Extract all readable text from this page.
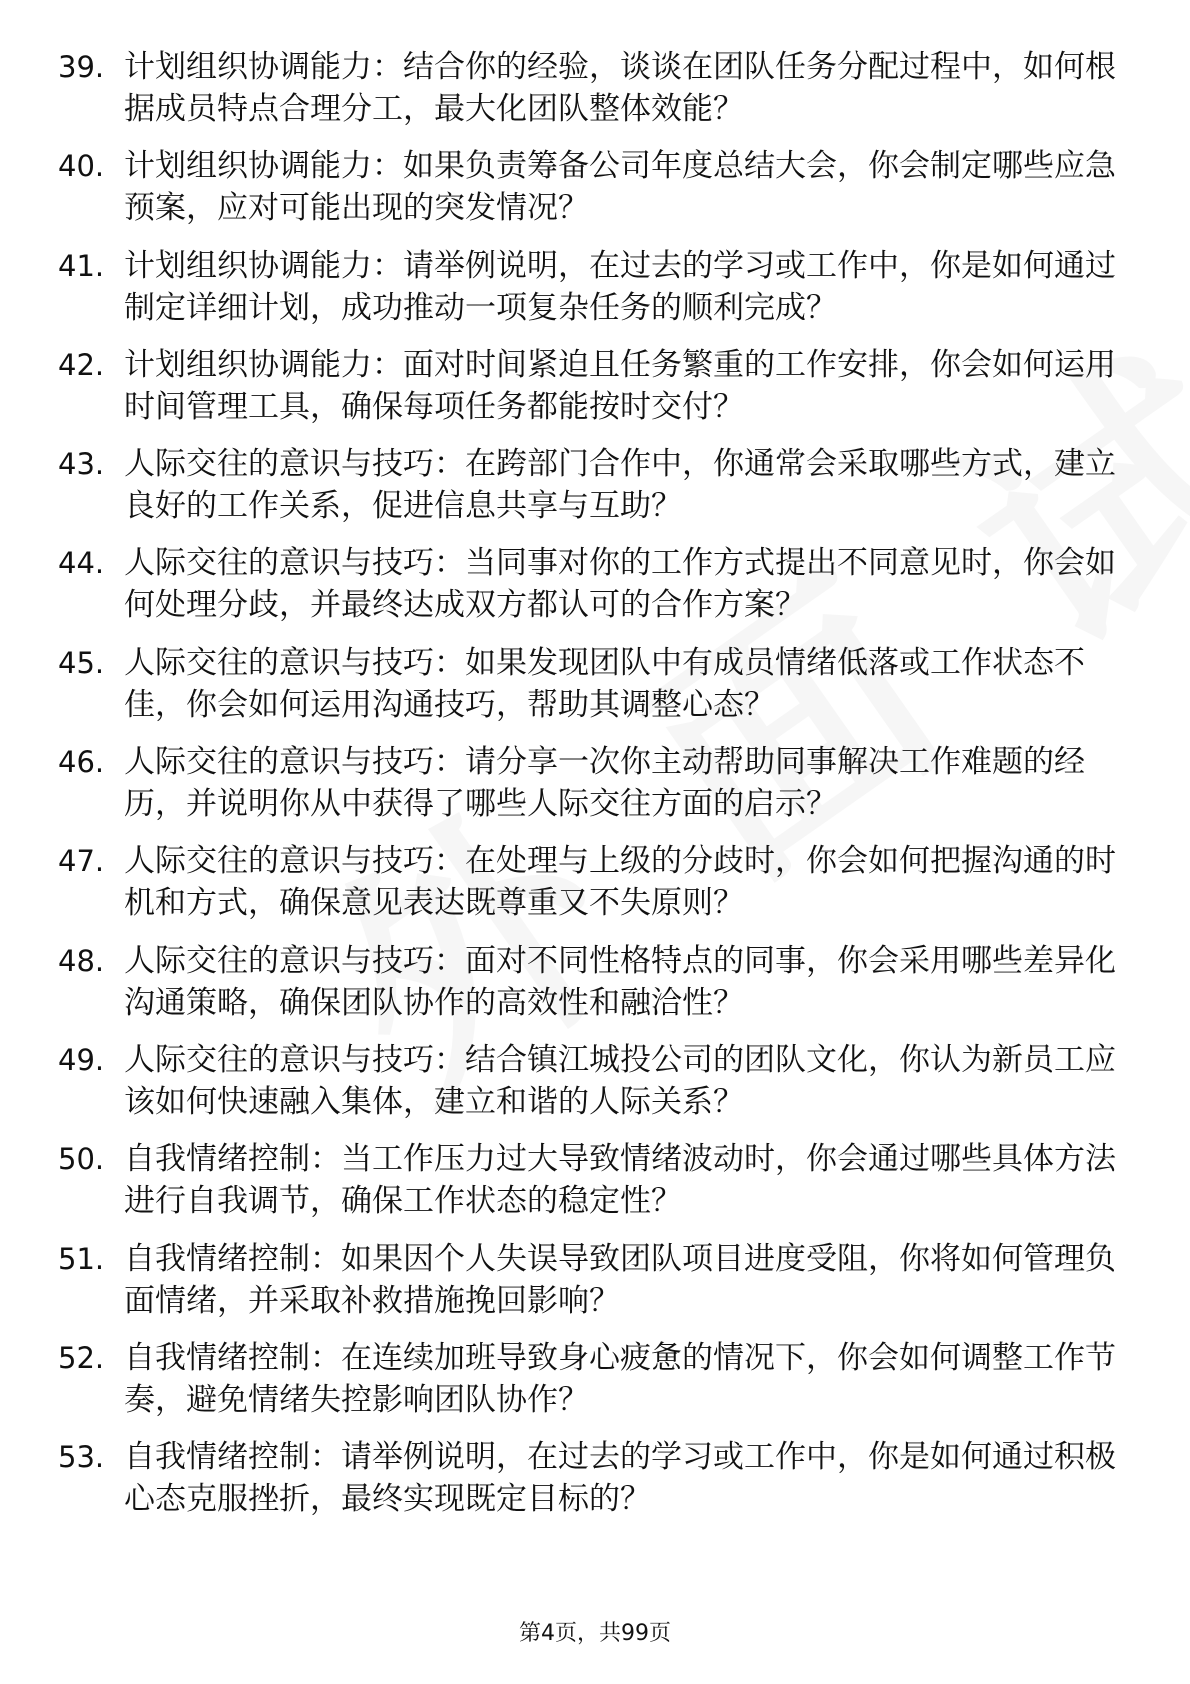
39. 计划组织协调能力：结合你的经验，谈谈在团队任务分配过程中，如何根据成员特点合理分工，最大化团队整体效能？
40. 计划组织协调能力：如果负责筹备公司年度总结大会，你会制定哪些应急预案，应对可能出现的突发情况？
41. 计划组织协调能力：请举例说明，在过去的学习或工作中，你是如何通过制定详细计划，成功推动一项复杂任务的顺利完成？
42. 计划组织协调能力：面对时间紧迫且任务繁重的工作安排，你会如何运用时间管理工具，确保每项任务都能按时交付？
43. 人际交往的意识与技巧：在跨部门合作中，你通常会采取哪些方式，建立良好的工作关系，促进信息共享与互助？
44. 人际交往的意识与技巧：当同事对你的工作方式提出不同意见时，你会如何处理分歧，并最终达成双方都认可的合作方案？
45. 人际交往的意识与技巧：如果发现团队中有成员情绪低落或工作状态不佳，你会如何运用沟通技巧，帮助其调整心态？
46. 人际交往的意识与技巧：请分享一次你主动帮助同事解决工作难题的经历，并说明你从中获得了哪些人际交往方面的启示？
47. 人际交往的意识与技巧：在处理与上级的分歧时，你会如何把握沟通的时机和方式，确保意见表达既尊重又不失原则？
48. 人际交往的意识与技巧：面对不同性格特点的同事，你会采用哪些差异化沟通策略，确保团队协作的高效性和融洽性？
49. 人际交往的意识与技巧：结合镇江城投公司的团队文化，你认为新员工应该如何快速融入集体，建立和谐的人际关系？
50. 自我情绪控制：当工作压力过大导致情绪波动时，你会通过哪些具体方法进行自我调节，确保工作状态的稳定性？
51. 自我情绪控制：如果因个人失误导致团队项目进度受阻，你将如何管理负面情绪，并采取补救措施挽回影响？
52. 自我情绪控制：在连续加班导致身心疲惫的情况下，你会如何调整工作节奏，避免情绪失控影响团队协作？
53. 自我情绪控制：请举例说明，在过去的学习或工作中，你是如何通过积极心态克服挫折，最终实现既定目标的？
第4页，共99页
